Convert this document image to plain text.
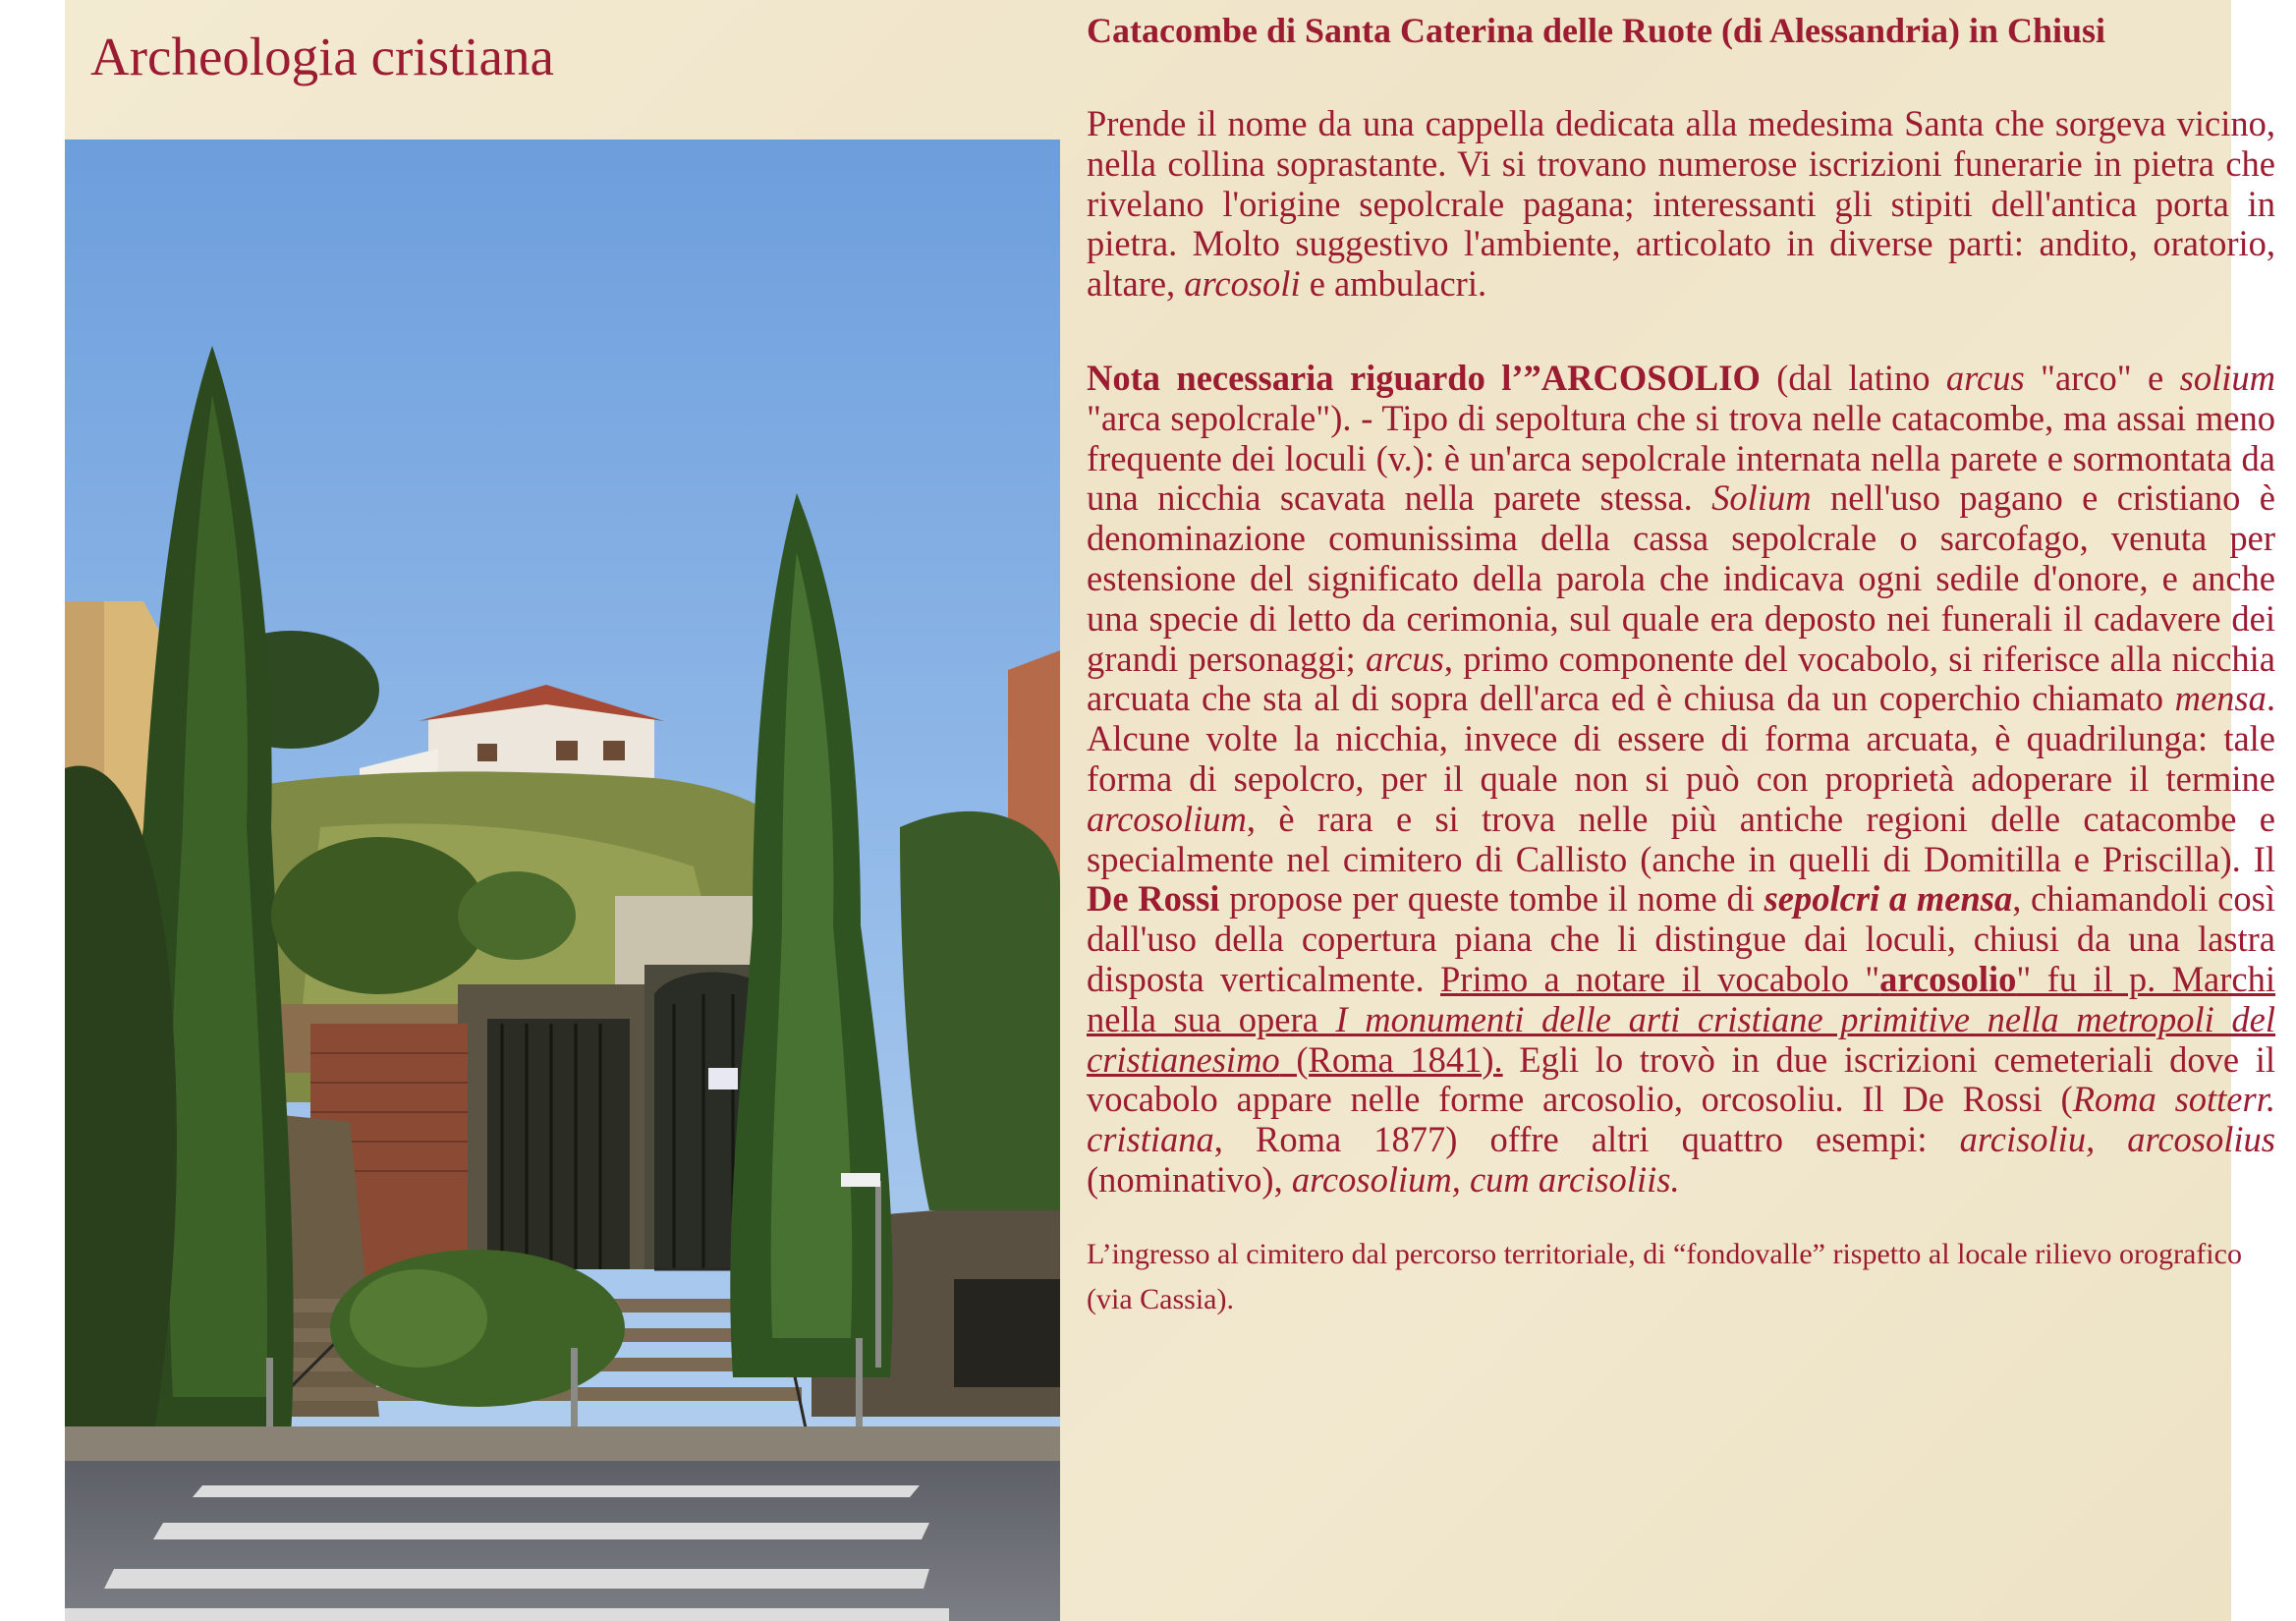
Archeologia cristiana	Catacombe di Santa Caterina delle Ruote (di Alessandria) in Chiusi

Prende il nome da una cappella dedicata alla medesima Santa che sorgeva vicino, nella collina soprastante. Vi si trovano numerose iscrizioni funerarie in pietra che rivelano l'origine sepolcrale pagana; interessanti gli stipiti dell'antica porta in pietra. Molto suggestivo l'ambiente, articolato in diverse parti: andito, oratorio, altare, arcosoli e ambulacri.

Nota necessaria riguardo l’”ARCOSOLIO (dal latino arcus "arco" e solium "arca sepolcrale"). - Tipo di sepoltura che si trova nelle catacombe, ma assai meno frequente dei loculi (v.): è un'arca sepolcrale internata nella parete e sormontata da una nicchia scavata nella parete stessa. Solium nell'uso pagano e cristiano è denominazione comunissima della cassa sepolcrale o sarcofago, venuta per estensione del significato della parola che indicava ogni sedile d'onore, e anche una specie di letto da cerimonia, sul quale era deposto nei funerali il cadavere dei grandi personaggi; arcus, primo componente del vocabolo, si riferisce alla nicchia arcuata che sta al di sopra dell'arca ed è chiusa da un coperchio chiamato mensa. Alcune volte la nicchia, invece di essere di forma arcuata, è quadrilunga: tale forma di sepolcro, per il quale non si può con proprietà adoperare il termine arcosolium, è rara e si trova nelle più antiche regioni delle catacombe e specialmente nel cimitero di Callisto (anche in quelli di Domitilla e Priscilla). Il De Rossi propose per queste tombe il nome di sepolcri a mensa, chiamandoli così dall'uso della copertura piana che li distingue dai loculi, chiusi da una lastra disposta verticalmente. Primo a notare il vocabolo "arcosolio" fu il p. Marchi nella sua opera I monumenti delle arti cristiane primitive nella metropoli del cristianesimo (Roma 1841). Egli lo trovò in due iscrizioni cemeteriali dove il vocabolo appare nelle forme arcosolio, orcosoliu. Il De Rossi (Roma sotterr. cristiana, Roma 1877) offre altri quattro esempi: arcisoliu, arcosolius (nominativo), arcosolium, cum arcisoliis.

L’ingresso al cimitero dal percorso territoriale, di “fondovalle” rispetto al locale rilievo orografico (via Cassia).
